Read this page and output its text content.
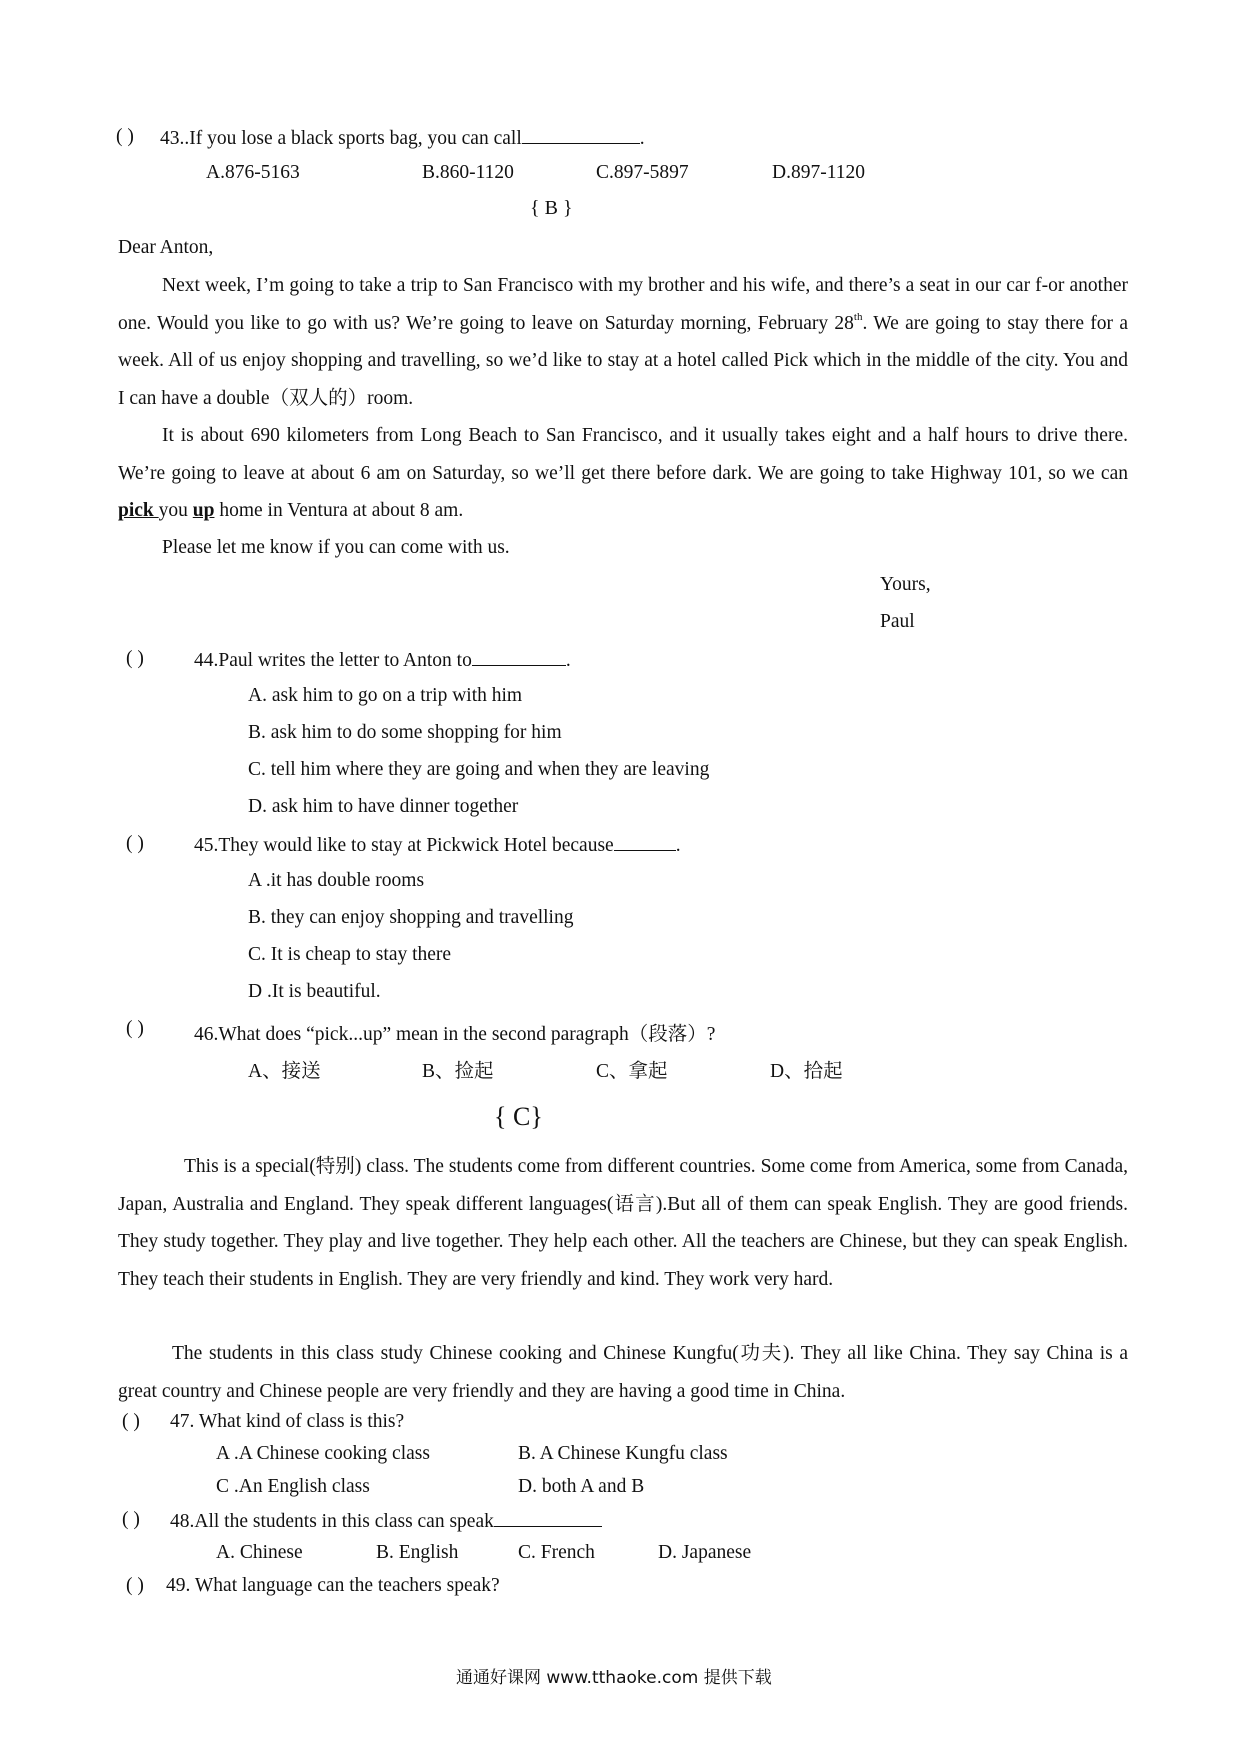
( ) 43..If you lose a black sports bag, you can call	.
A.876-5163	B.860-1120	C.897-5897	D.897-1120
{ B }
Dear Anton,
Next week, I’m going to take a trip to San Francisco with my brother and his wife, and there’s a seat in our car f-or another one. Would you like to go with us? We’re going to leave on Saturday morning, February 28th. We are going to stay there for a week. All of us enjoy shopping and travelling, so we’d like to stay at a hotel called Pick which in the middle of the city. You and I can have a double（双人的）room.
It is about 690 kilometers from Long Beach to San Francisco, and it usually takes eight and a half hours to drive there. We’re going to leave at about 6 am on Saturday, so we’ll get there before dark. We are going to take Highway 101, so we can pick you up home in Ventura at about 8 am.
Please let me know if you can come with us.
Yours,
Paul
( )	44.Paul writes the letter to Anton to	.
A. ask him to go on a trip with him
B. ask him to do some shopping for him
C. tell him where they are going and when they are leaving
D. ask him to have dinner together
( )	45.They would like to stay at Pickwick Hotel because	.
A .it has double rooms
B. they can enjoy shopping and travelling
C. It is cheap to stay there
D .It is beautiful.
( )	46.What does “pick...up” mean in the second paragraph（段落）?
A、接送	B、捡起	C、拿起	D、拾起
{ C}
This is a special(特别) class. The students come from different countries. Some come from America, some from Canada, Japan, Australia and England. They speak different languages(语言).But all of them can speak English. They are good friends. They study together. They play and live together. They help each other. All the teachers are Chinese, but they can speak English. They teach their students in English. They are very friendly and kind. They work very hard.
The students in this class study Chinese cooking and Chinese Kungfu(功夫). They all like China. They say China is a great country and Chinese people are very friendly and they are having a good time in China.
( ) 47. What kind of class is this?
A .A Chinese cooking class	B. A Chinese Kungfu class
C .An English class	D. both A and B
( ) 48.All the students in this class can speak
A. Chinese	B. English	C. French	D. Japanese
( ) 49. What language can the teachers speak?
通通好课网 www.tthaoke.com 提供下载
